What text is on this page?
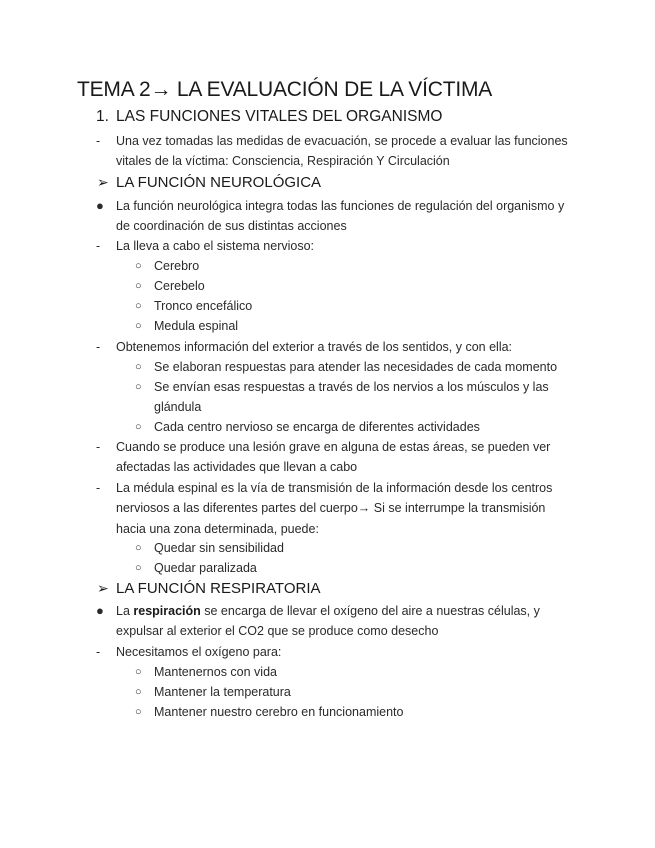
TEMA 2→ LA EVALUACIÓN DE LA VÍCTIMA
1. LAS FUNCIONES VITALES DEL ORGANISMO
-	Una vez tomadas las medidas de evacuación, se procede a evaluar las funciones vitales de la víctima: Consciencia, Respiración Y Circulación
➢ LA FUNCIÓN NEUROLÓGICA
● La función neurológica integra todas las funciones de regulación del organismo y de coordinación de sus distintas acciones
-	La lleva a cabo el sistema nervioso:
○ Cerebro
○ Cerebelo
○ Tronco encefálico
○ Medula espinal
-	Obtenemos información del exterior a través de los sentidos, y con ella:
○ Se elaboran respuestas para atender las necesidades de cada momento
○ Se envían esas respuestas a través de los nervios a los músculos y las glándula
○ Cada centro nervioso se encarga de diferentes actividades
-	Cuando se produce una lesión grave en alguna de estas áreas, se pueden ver afectadas las actividades que llevan a cabo
-	La médula espinal es la vía de transmisión de la información desde los centros nerviosos a las diferentes partes del cuerpo→ Si se interrumpe la transmisión hacia una zona determinada, puede:
○ Quedar sin sensibilidad
○ Quedar paralizada
➢ LA FUNCIÓN RESPIRATORIA
● La respiración se encarga de llevar el oxígeno del aire a nuestras células, y expulsar al exterior el CO2 que se produce como desecho
-	Necesitamos el oxígeno para:
○ Mantenernos con vida
○ Mantener la temperatura
○ Mantener nuestro cerebro en funcionamiento
